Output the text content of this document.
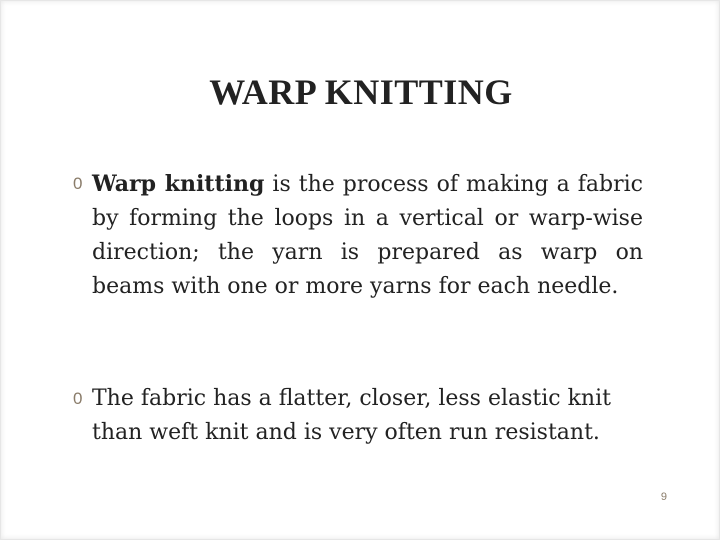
WARP KNITTING
0 Warp knitting is the process of making a fabric by forming the loops in a vertical or warp-wise direction; the yarn is prepared as warp on beams with one or more yarns for each needle.
0 The fabric has a flatter, closer, less elastic knit than weft knit and is very often run resistant.
9
